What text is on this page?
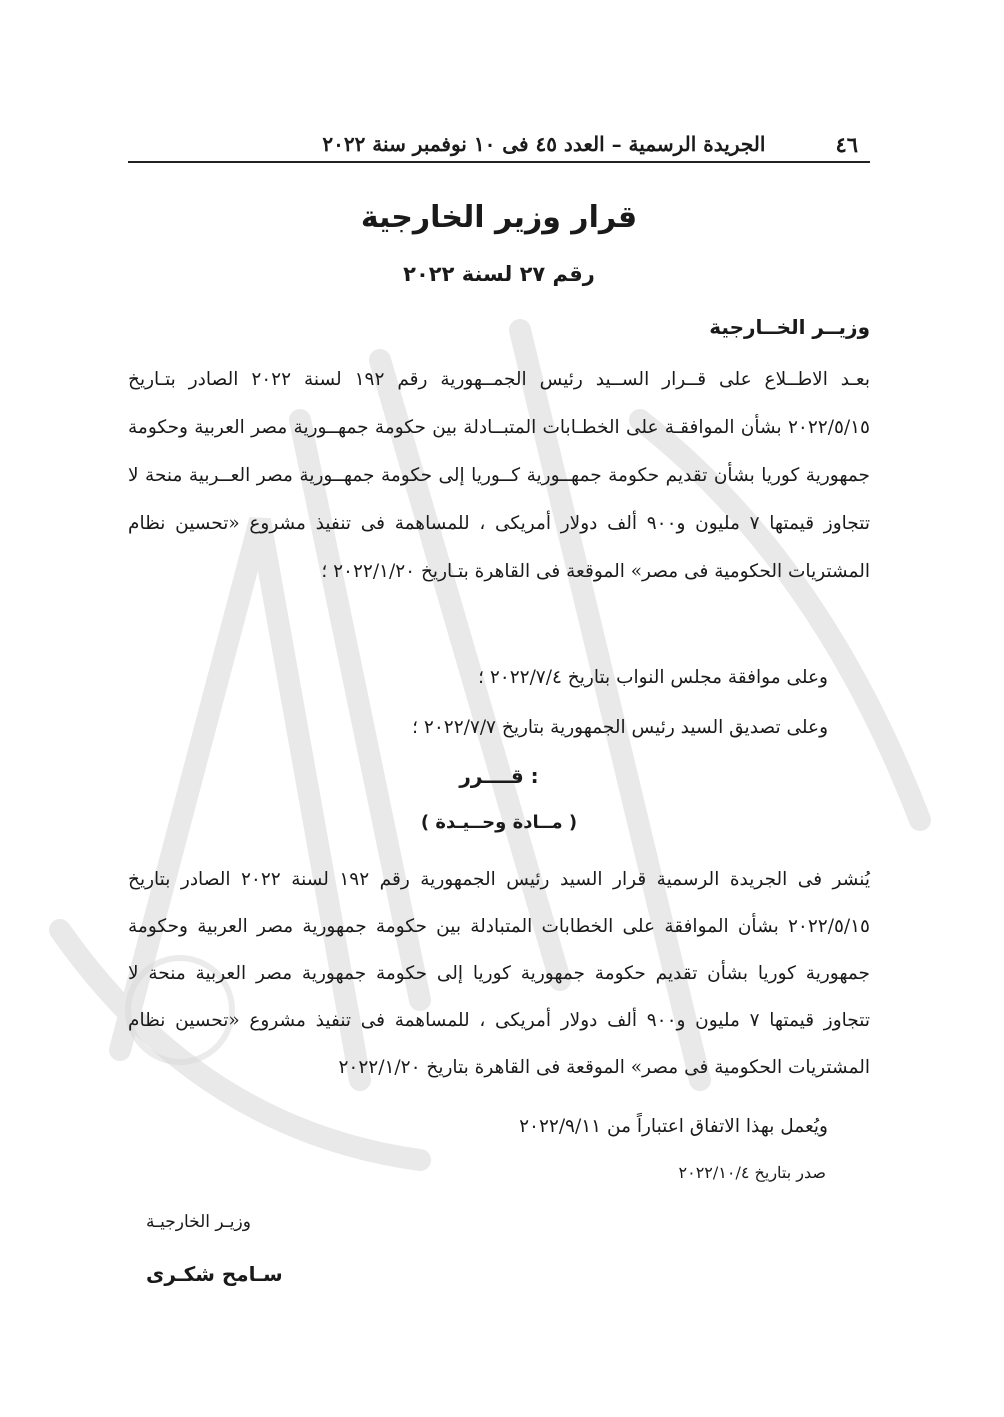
٤٦
الجريدة الرسمية – العدد ٤٥ فى ١٠ نوفمبر سنة ٢٠٢٢
قرار وزير الخارجية
رقم ٢٧ لسنة ٢٠٢٢
وزيــر الخــارجية
بعـد الاطــلاع على قــرار الســيد رئيس الجمــهورية رقم ١٩٢ لسنة ٢٠٢٢ الصادر بتـاريخ ٢٠٢٢/٥/١٥ بشأن الموافقـة على الخطـابات المتبــادلة بين حكومة جمهــورية مصر العربية وحكومة جمهورية كوريا بشأن تقديم حكومة جمهــورية كــوريا إلى حكومة جمهــورية مصر العــربية منحة لا تتجاوز قيمتها ٧ مليون و٩٠٠ ألف دولار أمريكى ، للمساهمة فى تنفيذ مشروع «تحسين نظام المشتريات الحكومية فى مصر» الموقعة فى القاهرة بتـاريخ ٢٠٢٢/١/٢٠ ؛
وعلى موافقة مجلس النواب بتاريخ ٢٠٢٢/٧/٤ ؛
وعلى تصديق السيد رئيس الجمهورية بتاريخ ٢٠٢٢/٧/٧ ؛
قــــرر :
( مــادة وحــيـدة )
يُنشر فى الجريدة الرسمية قرار السيد رئيس الجمهورية رقم ١٩٢ لسنة ٢٠٢٢ الصادر بتاريخ ٢٠٢٢/٥/١٥ بشأن الموافقة على الخطابات المتبادلة بين حكومة جمهورية مصر العربية وحكومة جمهورية كوريا بشأن تقديم حكومة جمهورية كوريا إلى حكومة جمهورية مصر العربية منحة لا تتجاوز قيمتها ٧ مليون و٩٠٠ ألف دولار أمريكى ، للمساهمة فى تنفيذ مشروع «تحسين نظام المشتريات الحكومية فى مصر» الموقعة فى القاهرة بتاريخ ٢٠٢٢/١/٢٠
ويُعمل بهذا الاتفاق اعتباراً من ٢٠٢٢/٩/١١
صدر بتاريخ ٢٠٢٢/١٠/٤
وزيـر الخارجيـة
سـامح شكـرى
